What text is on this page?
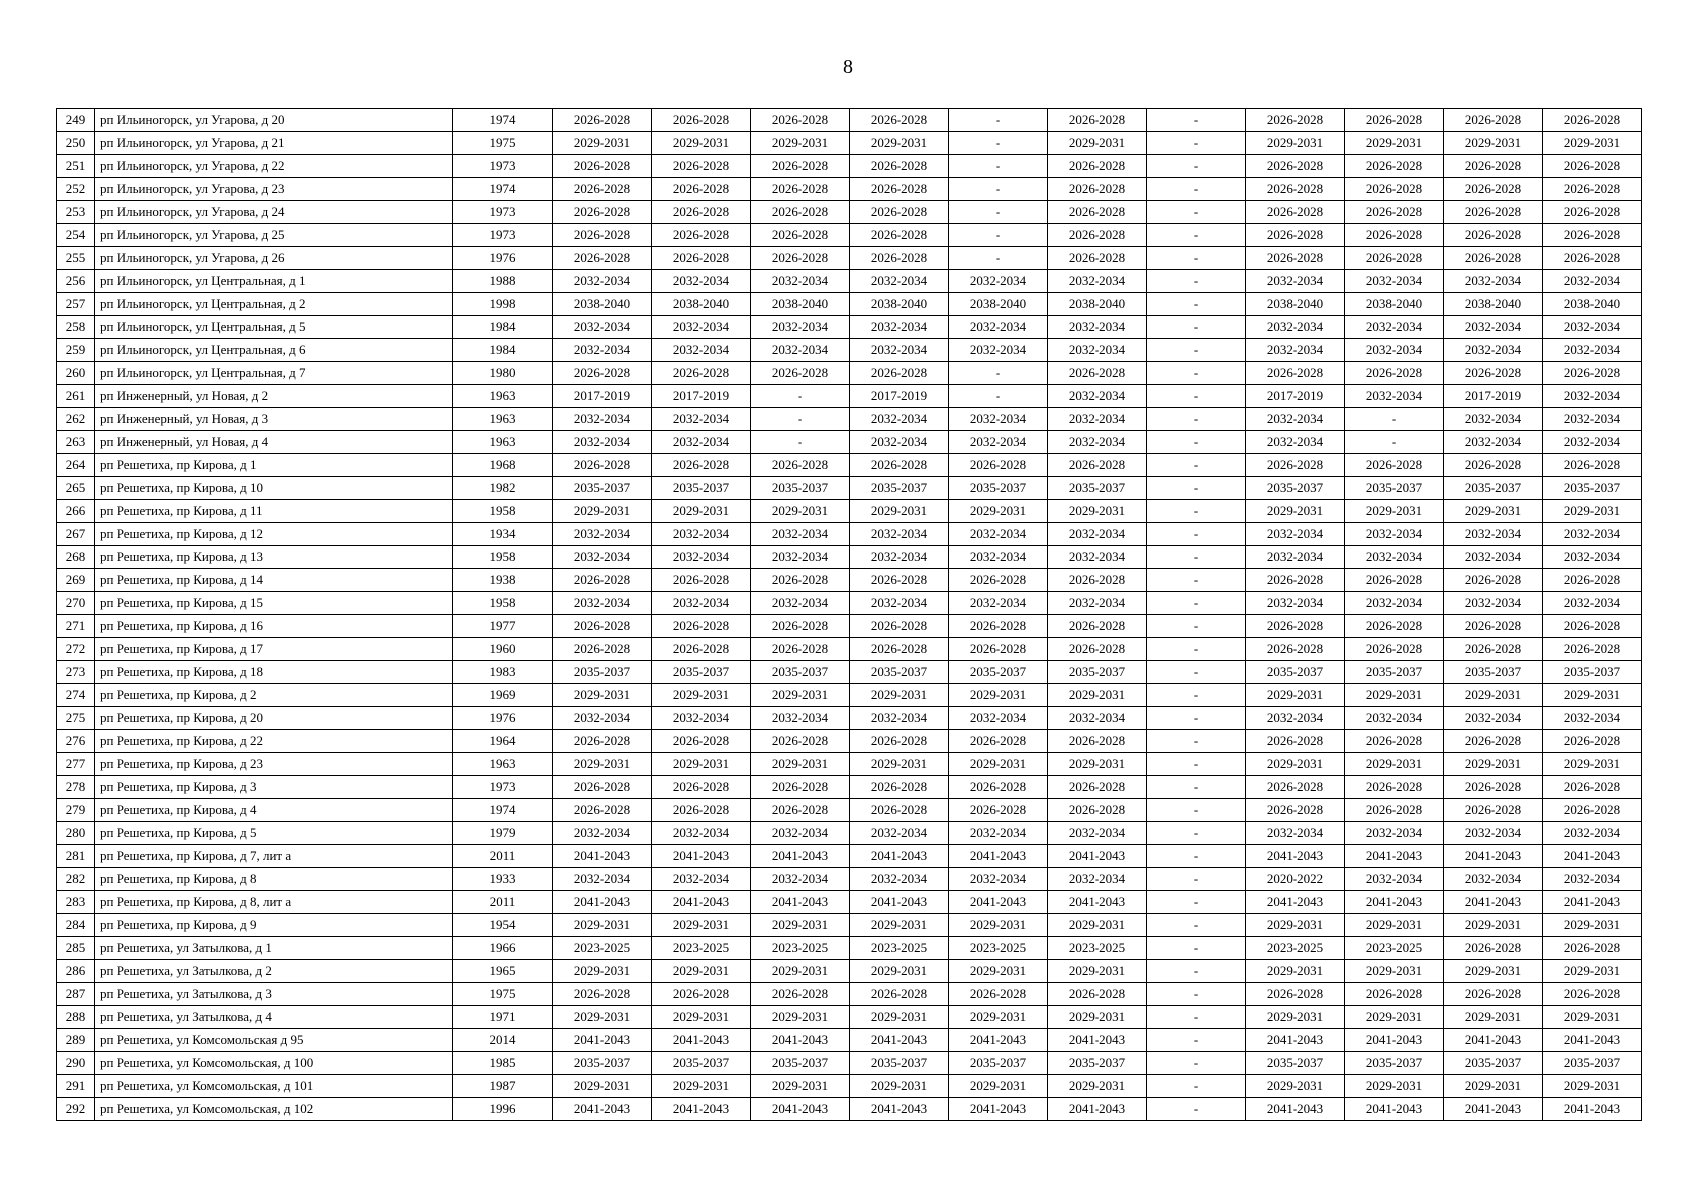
8
249	рп Ильиногорск, ул Угарова, д 20	1974	2026-2028	2026-2028	2026-2028	2026-2028	-	2026-2028	-	2026-2028	2026-2028	2026-2028	2026-2028
250	рп Ильиногорск, ул Угарова, д 21	1975	2029-2031	2029-2031	2029-2031	2029-2031	-	2029-2031	-	2029-2031	2029-2031	2029-2031	2029-2031
251	рп Ильиногорск, ул Угарова, д 22	1973	2026-2028	2026-2028	2026-2028	2026-2028	-	2026-2028	-	2026-2028	2026-2028	2026-2028	2026-2028
252	рп Ильиногорск, ул Угарова, д 23	1974	2026-2028	2026-2028	2026-2028	2026-2028	-	2026-2028	-	2026-2028	2026-2028	2026-2028	2026-2028
253	рп Ильиногорск, ул Угарова, д 24	1973	2026-2028	2026-2028	2026-2028	2026-2028	-	2026-2028	-	2026-2028	2026-2028	2026-2028	2026-2028
254	рп Ильиногорск, ул Угарова, д 25	1973	2026-2028	2026-2028	2026-2028	2026-2028	-	2026-2028	-	2026-2028	2026-2028	2026-2028	2026-2028
255	рп Ильиногорск, ул Угарова, д 26	1976	2026-2028	2026-2028	2026-2028	2026-2028	-	2026-2028	-	2026-2028	2026-2028	2026-2028	2026-2028
256	рп Ильиногорск, ул Центральная, д 1	1988	2032-2034	2032-2034	2032-2034	2032-2034	2032-2034	2032-2034	-	2032-2034	2032-2034	2032-2034	2032-2034
257	рп Ильиногорск, ул Центральная, д 2	1998	2038-2040	2038-2040	2038-2040	2038-2040	2038-2040	2038-2040	-	2038-2040	2038-2040	2038-2040	2038-2040
258	рп Ильиногорск, ул Центральная, д 5	1984	2032-2034	2032-2034	2032-2034	2032-2034	2032-2034	2032-2034	-	2032-2034	2032-2034	2032-2034	2032-2034
259	рп Ильиногорск, ул Центральная, д 6	1984	2032-2034	2032-2034	2032-2034	2032-2034	2032-2034	2032-2034	-	2032-2034	2032-2034	2032-2034	2032-2034
260	рп Ильиногорск, ул Центральная, д 7	1980	2026-2028	2026-2028	2026-2028	2026-2028	-	2026-2028	-	2026-2028	2026-2028	2026-2028	2026-2028
261	рп Инженерный, ул Новая, д 2	1963	2017-2019	2017-2019	-	2017-2019	-	2032-2034	-	2017-2019	2032-2034	2017-2019	2032-2034
262	рп Инженерный, ул Новая, д 3	1963	2032-2034	2032-2034	-	2032-2034	2032-2034	2032-2034	-	2032-2034	-	2032-2034	2032-2034
263	рп Инженерный, ул Новая, д 4	1963	2032-2034	2032-2034	-	2032-2034	2032-2034	2032-2034	-	2032-2034	-	2032-2034	2032-2034
264	рп Решетиха, пр Кирова, д 1	1968	2026-2028	2026-2028	2026-2028	2026-2028	2026-2028	2026-2028	-	2026-2028	2026-2028	2026-2028	2026-2028
265	рп Решетиха, пр Кирова, д 10	1982	2035-2037	2035-2037	2035-2037	2035-2037	2035-2037	2035-2037	-	2035-2037	2035-2037	2035-2037	2035-2037
266	рп Решетиха, пр Кирова, д 11	1958	2029-2031	2029-2031	2029-2031	2029-2031	2029-2031	2029-2031	-	2029-2031	2029-2031	2029-2031	2029-2031
267	рп Решетиха, пр Кирова, д 12	1934	2032-2034	2032-2034	2032-2034	2032-2034	2032-2034	2032-2034	-	2032-2034	2032-2034	2032-2034	2032-2034
268	рп Решетиха, пр Кирова, д 13	1958	2032-2034	2032-2034	2032-2034	2032-2034	2032-2034	2032-2034	-	2032-2034	2032-2034	2032-2034	2032-2034
269	рп Решетиха, пр Кирова, д 14	1938	2026-2028	2026-2028	2026-2028	2026-2028	2026-2028	2026-2028	-	2026-2028	2026-2028	2026-2028	2026-2028
270	рп Решетиха, пр Кирова, д 15	1958	2032-2034	2032-2034	2032-2034	2032-2034	2032-2034	2032-2034	-	2032-2034	2032-2034	2032-2034	2032-2034
271	рп Решетиха, пр Кирова, д 16	1977	2026-2028	2026-2028	2026-2028	2026-2028	2026-2028	2026-2028	-	2026-2028	2026-2028	2026-2028	2026-2028
272	рп Решетиха, пр Кирова, д 17	1960	2026-2028	2026-2028	2026-2028	2026-2028	2026-2028	2026-2028	-	2026-2028	2026-2028	2026-2028	2026-2028
273	рп Решетиха, пр Кирова, д 18	1983	2035-2037	2035-2037	2035-2037	2035-2037	2035-2037	2035-2037	-	2035-2037	2035-2037	2035-2037	2035-2037
274	рп Решетиха, пр Кирова, д 2	1969	2029-2031	2029-2031	2029-2031	2029-2031	2029-2031	2029-2031	-	2029-2031	2029-2031	2029-2031	2029-2031
275	рп Решетиха, пр Кирова, д 20	1976	2032-2034	2032-2034	2032-2034	2032-2034	2032-2034	2032-2034	-	2032-2034	2032-2034	2032-2034	2032-2034
276	рп Решетиха, пр Кирова, д 22	1964	2026-2028	2026-2028	2026-2028	2026-2028	2026-2028	2026-2028	-	2026-2028	2026-2028	2026-2028	2026-2028
277	рп Решетиха, пр Кирова, д 23	1963	2029-2031	2029-2031	2029-2031	2029-2031	2029-2031	2029-2031	-	2029-2031	2029-2031	2029-2031	2029-2031
278	рп Решетиха, пр Кирова, д 3	1973	2026-2028	2026-2028	2026-2028	2026-2028	2026-2028	2026-2028	-	2026-2028	2026-2028	2026-2028	2026-2028
279	рп Решетиха, пр Кирова, д 4	1974	2026-2028	2026-2028	2026-2028	2026-2028	2026-2028	2026-2028	-	2026-2028	2026-2028	2026-2028	2026-2028
280	рп Решетиха, пр Кирова, д 5	1979	2032-2034	2032-2034	2032-2034	2032-2034	2032-2034	2032-2034	-	2032-2034	2032-2034	2032-2034	2032-2034
281	рп Решетиха, пр Кирова, д 7, лит а	2011	2041-2043	2041-2043	2041-2043	2041-2043	2041-2043	2041-2043	-	2041-2043	2041-2043	2041-2043	2041-2043
282	рп Решетиха, пр Кирова, д 8	1933	2032-2034	2032-2034	2032-2034	2032-2034	2032-2034	2032-2034	-	2020-2022	2032-2034	2032-2034	2032-2034
283	рп Решетиха, пр Кирова, д 8, лит а	2011	2041-2043	2041-2043	2041-2043	2041-2043	2041-2043	2041-2043	-	2041-2043	2041-2043	2041-2043	2041-2043
284	рп Решетиха, пр Кирова, д 9	1954	2029-2031	2029-2031	2029-2031	2029-2031	2029-2031	2029-2031	-	2029-2031	2029-2031	2029-2031	2029-2031
285	рп Решетиха, ул Затылкова, д 1	1966	2023-2025	2023-2025	2023-2025	2023-2025	2023-2025	2023-2025	-	2023-2025	2023-2025	2026-2028	2026-2028
286	рп Решетиха, ул Затылкова, д 2	1965	2029-2031	2029-2031	2029-2031	2029-2031	2029-2031	2029-2031	-	2029-2031	2029-2031	2029-2031	2029-2031
287	рп Решетиха, ул Затылкова, д 3	1975	2026-2028	2026-2028	2026-2028	2026-2028	2026-2028	2026-2028	-	2026-2028	2026-2028	2026-2028	2026-2028
288	рп Решетиха, ул Затылкова, д 4	1971	2029-2031	2029-2031	2029-2031	2029-2031	2029-2031	2029-2031	-	2029-2031	2029-2031	2029-2031	2029-2031
289	рп Решетиха, ул Комсомольская д 95	2014	2041-2043	2041-2043	2041-2043	2041-2043	2041-2043	2041-2043	-	2041-2043	2041-2043	2041-2043	2041-2043
290	рп Решетиха, ул Комсомольская, д 100	1985	2035-2037	2035-2037	2035-2037	2035-2037	2035-2037	2035-2037	-	2035-2037	2035-2037	2035-2037	2035-2037
291	рп Решетиха, ул Комсомольская, д 101	1987	2029-2031	2029-2031	2029-2031	2029-2031	2029-2031	2029-2031	-	2029-2031	2029-2031	2029-2031	2029-2031
292	рп Решетиха, ул Комсомольская, д 102	1996	2041-2043	2041-2043	2041-2043	2041-2043	2041-2043	2041-2043	-	2041-2043	2041-2043	2041-2043	2041-2043
